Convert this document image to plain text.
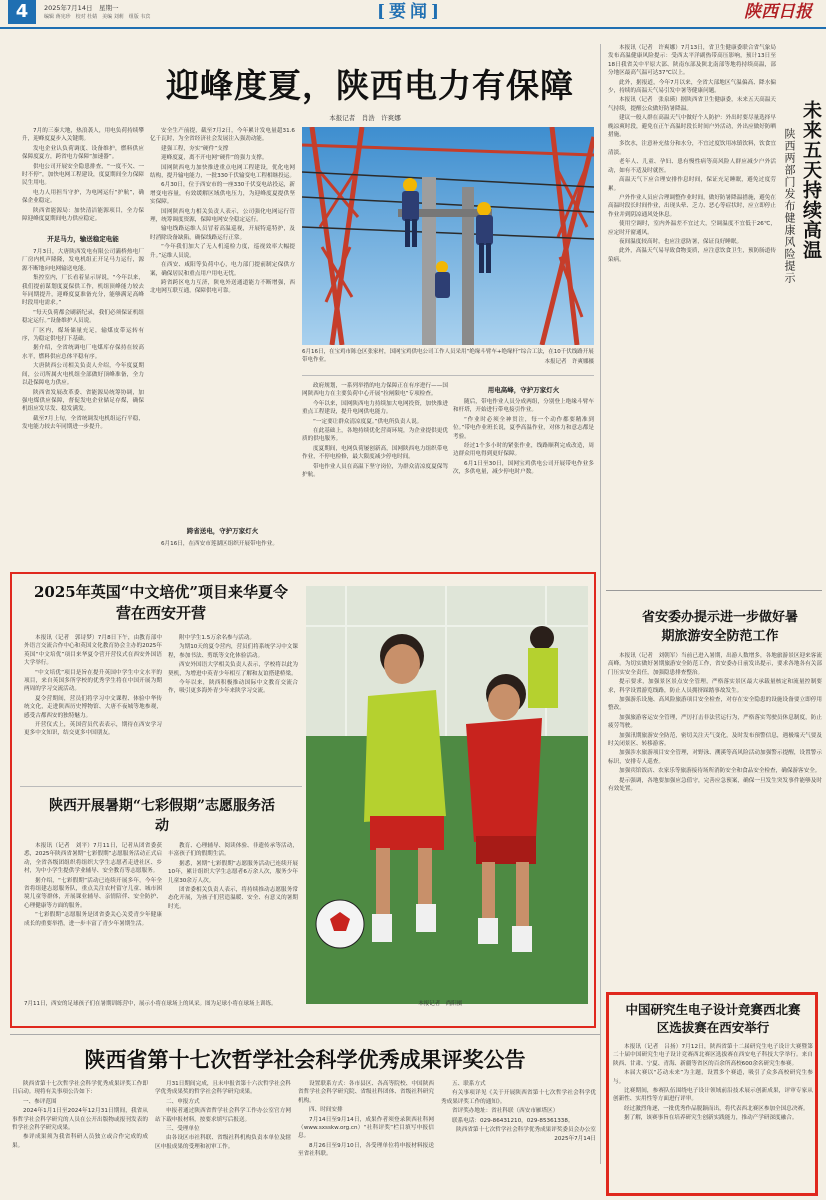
4	2025年7月14日　星期一
编辑 蒋宪珍　校对 杜婧　美编 刘莉　组版 韦宾	[要闻]	陕西日报
迎峰度夏，陕西电力有保障
本报记者　肖浩　许爽娜

7月的三秦大地，热浪袭人，用电负荷持续攀升，迎峰度夏步入关键期。

发电企业认负荷调度、设备维护，燃料供应保障度夏方，跨省电力保障“加速器”。

供电公司开展安全隐患排查，“一度不欠、一时不停”，加快电网工程建设，度夏期间全力保障民生用电。

电力人用担当守护，为电网运行“护航”，确保企业稳定。

陕西省能源局：加快清洁能源项目，全力保障迎峰度夏期间电力供应稳定。

开足马力，输送稳定电能

7月3日，大唐陕西发电有限公司灞桥热电厂厂房内机声隆隆，发电机组正开足马力运行，源源不断地向电网输送电能。

集控室内，厂长看着显示屏说，“今年以来，我们提前谋划度夏保供工作，机组顶峰能力较去年同期提升，迎峰度夏准备充分，能够满足高峰时段用电需求。”

“每天负荷都会刷新纪录，我们必须保证机组稳定运行。”设备维护人员说。

厂区内，煤场储量充足，输煤皮带运转有序，为稳定供电打下基础。

据介绍，全省统调电厂电煤库存保持在较高水平，燃料供应总体平稳有序。

大唐陕西公司相关负责人介绍，今年度夏期间，公司所属火电机组全部做好顶峰准备，全力以赴保障电力供应。

陕西省发展改革委、省能源局统筹协调，加强电煤供应保障，督促发电企业储足存煤，确保机组应发尽发、稳发满发。

截至7月上旬，全省统调发电机组运行平稳，发电能力较去年同期进一步提升。

安全生产前提，截至7月2日，今年累计发电量超31.6亿千瓦时，为全省经济社会发展注入强劲动能。

建强工程，夯实“硬件”支撑

迎峰度夏，离不开电网“硬件”的强力支撑。

国网陕西电力加快推进重点电网工程建设，优化电网结构，提升输电能力，一批330千伏输变电工程相继投运。

6月30日，位于西安市的一座330千伏变电站投运，新增变电容量，有效缓解区域供电压力，为迎峰度夏提供坚实保障。

国网陕西电力相关负责人表示，公司强化电网运行管理，统筹调度资源，保障电网安全稳定运行。

输电线路运维人员冒着高温巡视，开展特巡特护，及时消除设备缺陷，确保线路运行正常。

“今年我们加大了无人机巡检力度，巡视效率大幅提升。”运维人员说。

在西安、咸阳等负荷中心，电力部门提前制定保供方案，确保居民和重点用户用电无忧。

跨省跨区电力互济，陕电外送通道能力不断增强，西北电网互联互通，保障供电可靠。

跨省送电，守护万家灯火

6月16日，在西安市莲湖区组织开展带电作业。

6月16日，在宝鸡市陈仓区张家村，国网宝鸡供电公司工作人员采用“绝缘斗臂车+绝缘杆”综合工法，在10千伏线路开展带电作业。	本报记者　许爽娜摄

政府规划，一系列举措的电力保障正在有序进行——国网陕西电力在主要负荷中心开展“拉闸限电”专项检查。

今年以来，国网陕西电力持续加大电网投资，加快推进重点工程建设，提升电网供电能力。

“一定要让群众清凉度夏。”供电所负责人说。

在此基础上，各地持续优化营商环境，为企业提供更优质的供电服务。

度夏期间，电网负荷屡创新高，国网陕西电力组织带电作业，不停电检修，最大限度减少停电时间。

带电作业人员在高温下坚守岗位，为群众清凉度夏保驾护航。

用电高峰，守护万家灯火

随后，带电作业人员分成两组，分别登上绝缘斗臂车和杆塔，开始进行带电接引作业。

“作业时必须全神贯注，每一个动作都要精准到位。”带电作业班长说，夏季高温作业，对体力和意志都是考验。

经过1个多小时的紧张作业，线路顺利完成改造，周边群众用电得到更好保障。

6月1日至30日，国网宝鸡供电公司开展带电作业多次，多供电量，减少停电时户数。

本报讯（记者　许爽娜）7月13日，省卫生健康委联合省气象局发布高温健康风险提示：受西太平洋副热带高压影响，预计13日至18日我省关中平原大部、陕南东部及陕北南部等地将持续高温，部分地区最高气温可达37℃以上。

此外，据报道，今年7月以来，全省大部地区气温偏高、降水偏少，持续的高温天气易引发中暑等健康问题。

本报讯（记者　张泉瑛）据陕西省卫生健康委，未来五天高温天气持续，提醒公众做好防暑降温。

建议一般人群在高温天气中做好个人防护：外出时要尽量选择早晚凉爽时段，避免在正午高温时段长时间户外活动，外出应做好防晒措施。

多饮水，注意补充盐分和水分，不宜过度饮用冰镇饮料，饮食宜清淡。

老年人、儿童、孕妇、患有慢性病等高风险人群应减少户外活动，如有不适及时就医。

高温天气下应合理安排作息时间，保证充足睡眠，避免过度劳累。

户外作业人员应合理调整作业时间，做好防暑降温措施，避免在高温时段长时间作业，出现头晕、乏力、恶心等症状时，应立即停止作业并到阴凉通风处休息。

使用空调时，室内外温差不宜过大，空调温度不宜低于26℃，应定时开窗通风。

夜间温度较高时，也应注意防暑，保证良好睡眠。

此外，高温天气易导致食物变质，应注意饮食卫生，预防肠道传染病。	未来五天持续高温
陕西两部门发布健康风险提示
省安委办提示进一步做好暑期旅游安全防范工作

本报讯（记者　刘朝军）当前已进入暑期，出游人数增多，各地旅游景区迎来客流高峰。为切实做好暑期旅游安全防范工作，省安委办日前发出提示，要求各地各有关部门压实安全责任，加强隐患排查整治。

提示要求，加强景区景点安全管理，严格落实景区最大承载量核定和流量控制要求，科学设置游览线路，防止人员拥挤踩踏事故发生。

加强游乐设施、高风险旅游项目安全检查，对存在安全隐患的设施设备要立即停用整改。

加强旅游客运安全管理，严厉打击非法营运行为，严格落实驾驶员休息制度，防止疲劳驾驶。

加强汛期旅游安全防范，密切关注天气变化，及时发布预警信息，遇极端天气要及时关闭景区、转移游客。

加强涉水旅游项目安全管理，对野泳、溯溪等高风险活动加强警示提醒，设置警示标识，安排专人巡查。

加强宾馆饭店、农家乐等旅游接待场所消防安全和食品安全检查，确保游客安全。

提示强调，各地要加强应急值守，完善应急预案，确保一旦发生突发事件能够及时有效处置。

中国研究生电子设计竞赛西北赛区选拔赛在西安举行

本报讯（记者　吕扬）7月12日，陕西省第十二届研究生电子设计大赛暨第二十届中国研究生电子设计竞赛西北赛区选拔赛在西安电子科技大学举行。来自陕西、甘肃、宁夏、青海、新疆等省区的百余所高校600余名研究生参赛。

本届大赛以“芯动未来”为主题，设置多个赛道，吸引了众多高校研究生参与。

比赛期间，参赛队伍围绕电子设计领域前沿技术展示创新成果，评审专家从创新性、实用性等方面进行评审。

经过激烈角逐，一批优秀作品脱颖而出，将代表西北赛区参加全国总决赛。

据了解，该赛事旨在培养研究生创新实践能力，推动产学研深度融合。

2025年英国“中文培优”项目来华夏令营在西安开营

本报讯（记者　郭诗梦）7月8日下午，由教育部中外语言交流合作中心和英国文化教育协会主办的2025年英国“中文培优”项目来华夏令营开营仪式在西安外国语大学举行。

“中文培优”项目是旨在提升英国中学生中文水平的项目，来自英国多所学校的优秀学生将在中国开展为期两周的学习交流活动。

夏令营期间，营员们将学习中文课程、体验中华传统文化，走进陕西历史博物馆、大唐不夜城等地参观，感受古都西安的独特魅力。

开营仪式上，英国营员代表表示，期待在西安学习更多中文知识，结交更多中国朋友。

附中学生1.5万余名参与活动。

为期10天的夏令营内，营员们将系统学习中文课程，参加书法、剪纸等文化体验活动。

西安外国语大学相关负责人表示，学校将以此为契机，为增进中英青少年相互了解和友谊搭建桥梁。

今年以来，陕西积极推动国际中文教育交流合作，吸引更多海外青少年来陕学习交流。

陕西开展暑期“七彩假期”志愿服务活动

本报讯（记者　刘平）7月11日，记者从团省委获悉，2025年陕西省暑期“七彩假期”志愿服务活动正式启动，全省各级团组织将组织大学生志愿者走进社区、乡村，为中小学生提供学业辅导、安全教育等志愿服务。

据介绍，“七彩假期”活动已连续开展多年，今年全省将组建志愿服务队，重点关注农村留守儿童、城市困境儿童等群体，开展课业辅导、亲情陪伴、安全防护、心理健康等方面的服务。

“七彩假期”志愿服务是团省委关心关爱青少年健康成长的重要举措，进一步丰富了青少年暑期生活。

教育、心理辅导、阅读体验、非遗传承等活动，丰富孩子们的假期生活。

据悉，暑期“七彩假期”志愿服务活动已连续开展10年，累计组织大学生志愿者6万余人次，服务少年儿童30余万人次。

团省委相关负责人表示，将持续推动志愿服务常态化开展，为孩子们营造温暖、安全、有意义的暑期时光。

7月11日，西安的足球孩子们在暑期训练营中，展示小将在球场上的风采。图为足球小将在球场上训练。	本报记者　尚阳摄
陕西省第十七次哲学社会科学优秀成果评奖公告

陕西省第十七次哲学社会科学优秀成果评奖工作即日启动。现将有关事项公告如下：

一、参评范围

2024年1月1日至2024年12月31日期间，我省从事哲学社会科学研究的人员在公开出版物或报刊发表的哲学社会科学研究成果。

参评成果须为我省科研人员独立或合作完成的成果。

月31日期间完成，且未申报省第十六次哲学社会科学优秀成果奖的哲学社会科学研究成果。

二、申报方式

申报者通过陕西省哲学社会科学工作办公室官方网站下载申报材料，按要求填写后报送。

三、受理单位

由各设区市社科联、省级社科机构负责本单位及辖区申报成果的受理和初审工作。

设置联系方式：各市县区、各高等院校、中国陕西省哲学社会科学研究院、省级社科团体、省级社科研究机构。

四、时间安排

7月14日至9月14日，成果作者须登录陕西社科网（www.sxsskw.org.cn）“社科评奖”栏目填写申报信息。

8月26日至9月10日，各受理单位将申报材料报送至省社科联。

五、联系方式

有关事项详见《关于开展陕西省第十七次哲学社会科学优秀成果评奖工作的通知》。

省评奖办地址：省社科联（西安市雁塔区）

联系电话：029-86431210，029-85361338。

陕西省第十七次哲学社会科学优秀成果评奖委员会办公室

2025年7月14日
